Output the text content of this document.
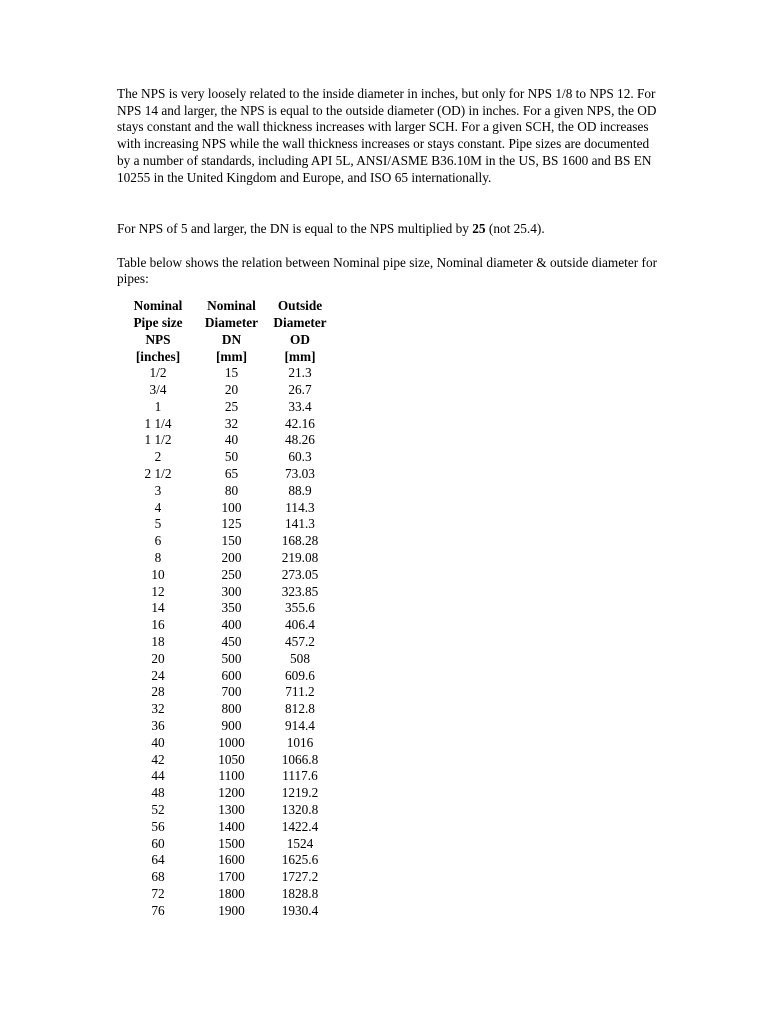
The NPS is very loosely related to the inside diameter in inches, but only for NPS 1/8 to NPS 12. For NPS 14 and larger, the NPS is equal to the outside diameter (OD) in inches. For a given NPS, the OD stays constant and the wall thickness increases with larger SCH. For a given SCH, the OD increases with increasing NPS while the wall thickness increases or stays constant. Pipe sizes are documented by a number of standards, including API 5L, ANSI/ASME B36.10M in the US, BS 1600 and BS EN 10255 in the United Kingdom and Europe, and ISO 65 internationally.

For NPS of 5 and larger, the DN is equal to the NPS multiplied by 25 (not 25.4).

Table below shows the relation between Nominal pipe size, Nominal diameter & outside diameter for pipes:

Nominal	Nominal	Outside
Pipe size	Diameter	Diameter
NPS	DN	OD
[inches]	[mm]	[mm]
1/2	15	21.3
3/4	20	26.7
1	25	33.4
1 1/4	32	42.16
1 1/2	40	48.26
2	50	60.3
2 1/2	65	73.03
3	80	88.9
4	100	114.3
5	125	141.3
6	150	168.28
8	200	219.08
10	250	273.05
12	300	323.85
14	350	355.6
16	400	406.4
18	450	457.2
20	500	508
24	600	609.6
28	700	711.2
32	800	812.8
36	900	914.4
40	1000	1016
42	1050	1066.8
44	1100	1117.6
48	1200	1219.2
52	1300	1320.8
56	1400	1422.4
60	1500	1524
64	1600	1625.6
68	1700	1727.2
72	1800	1828.8
76	1900	1930.4
